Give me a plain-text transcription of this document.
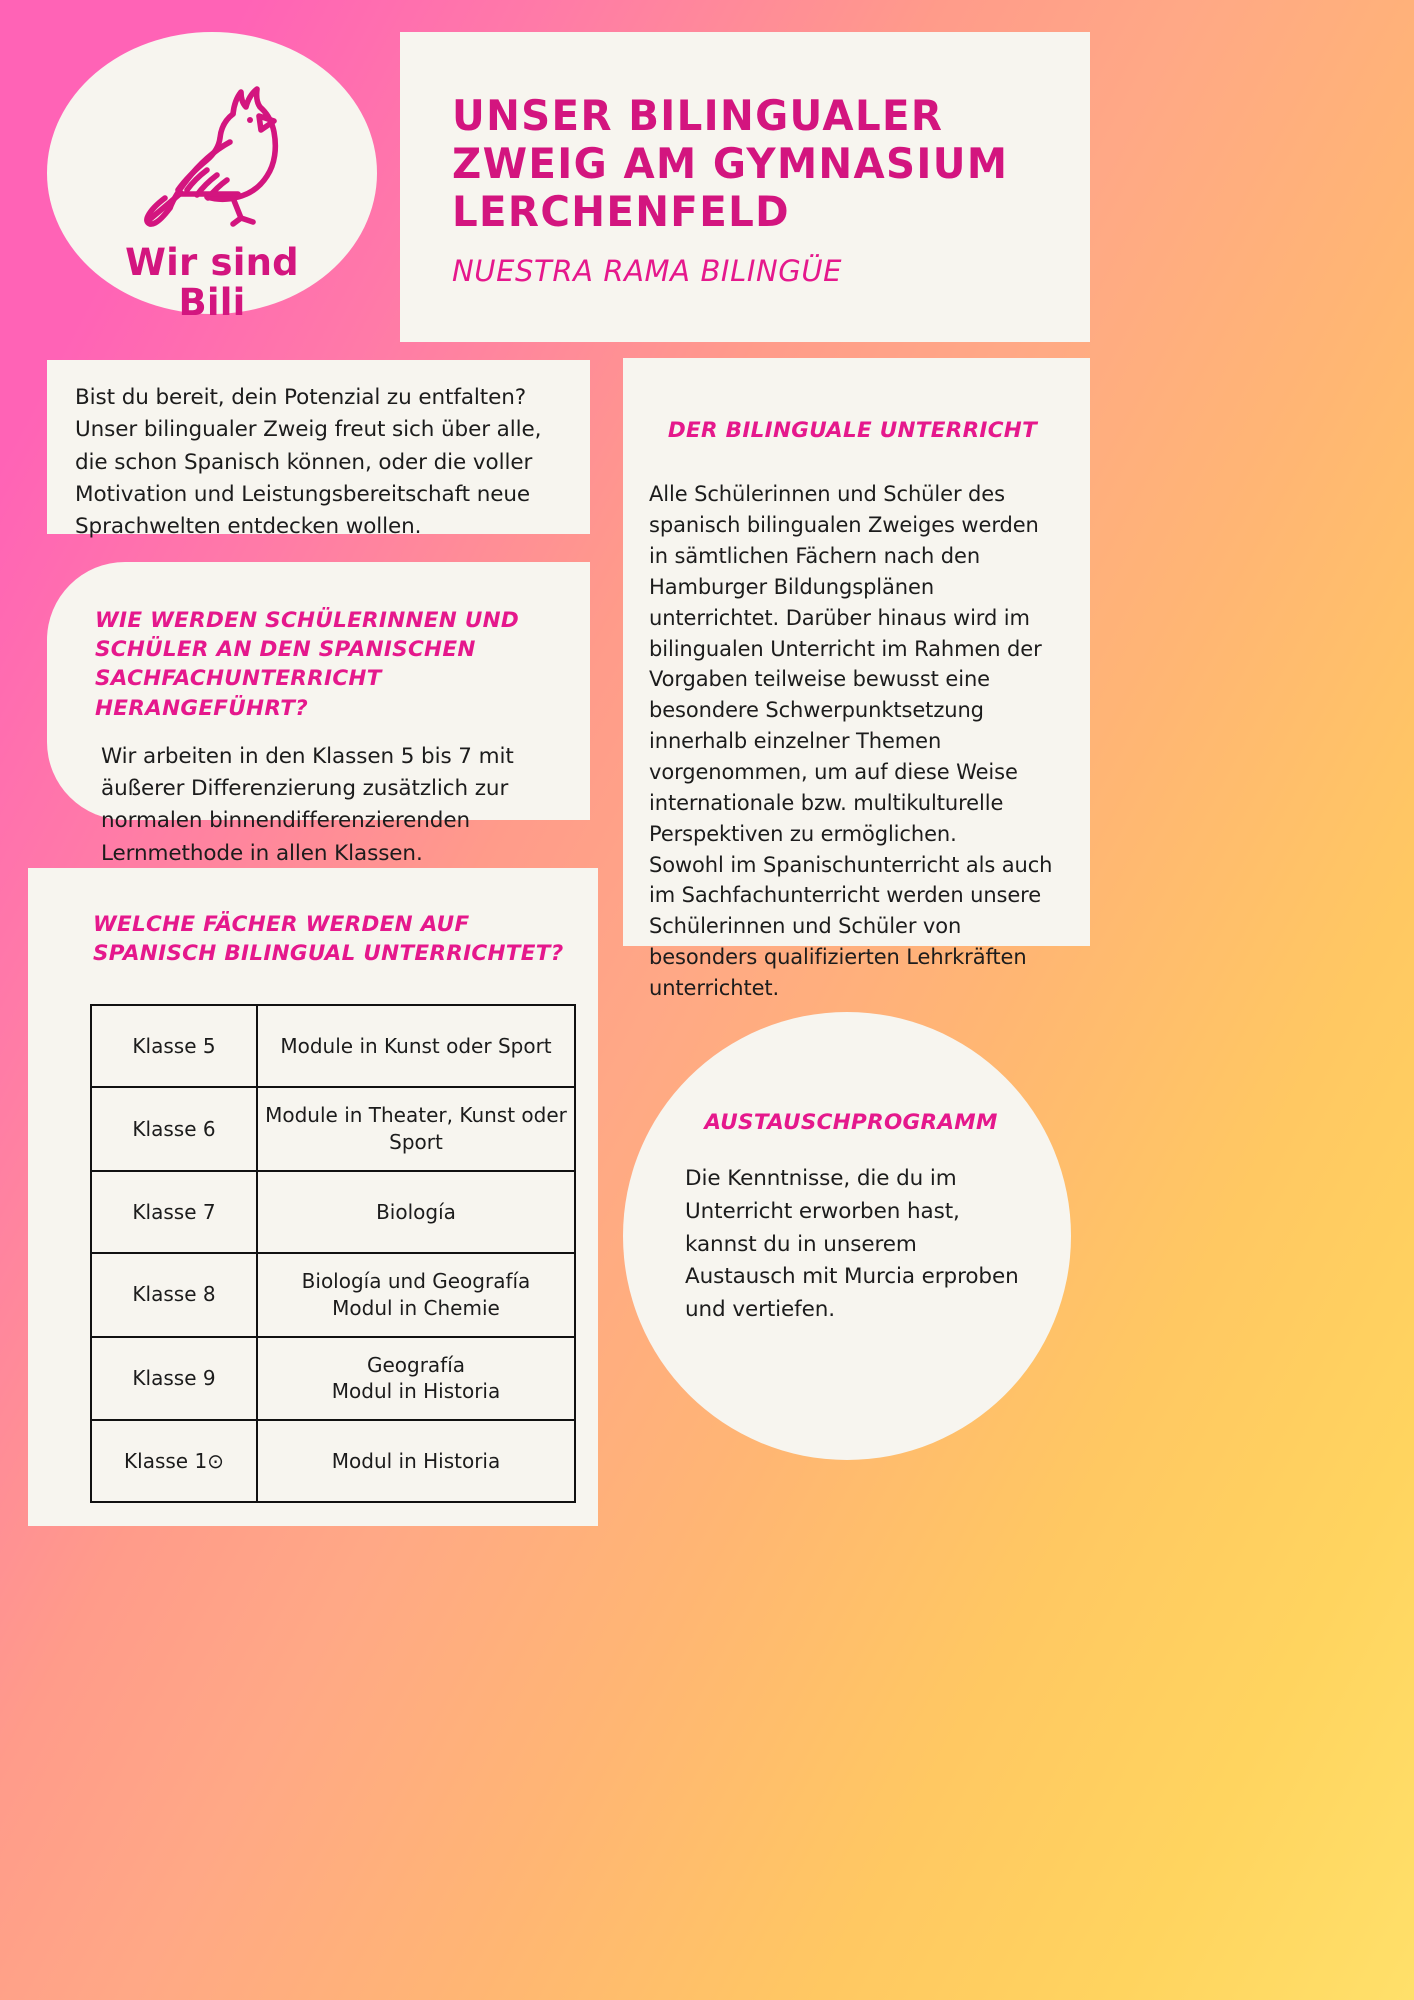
Wir sind
Bili
UNSER BILINGUALER ZWEIG AM GYMNASIUM LERCHENFELD
NUESTRA RAMA BILINGÜE

Bist du bereit, dein Potenzial zu entfalten? Unser bilingualer Zweig freut sich über alle, die schon Spanisch können, oder die voller Motivation und Leistungsbereitschaft neue Sprachwelten entdecken wollen.

WIE WERDEN SCHÜLERINNEN UND SCHÜLER AN DEN SPANISCHEN SACHFACHUNTERRICHT HERANGEFÜHRT?

Wir arbeiten in den Klassen 5 bis 7 mit äußerer Differenzierung zusätzlich zur normalen binnendifferenzierenden Lernmethode in allen Klassen.

DER BILINGUALE UNTERRICHT

Alle Schülerinnen und Schüler des spanisch bilingualen Zweiges werden in sämtlichen Fächern nach den Hamburger Bildungsplänen unterrichtet. Darüber hinaus wird im bilingualen Unterricht im Rahmen der Vorgaben teilweise bewusst eine besondere Schwerpunktsetzung innerhalb einzelner Themen vorgenommen, um auf diese Weise internationale bzw. multikulturelle Perspektiven zu ermöglichen.

Sowohl im Spanischunterricht als auch im Sachfachunterricht werden unsere Schülerinnen und Schüler von besonders qualifizierten Lehrkräften unterrichtet.

WELCHE FÄCHER WERDEN AUF SPANISCH BILINGUAL UNTERRICHTET?
Klasse 5	Module in Kunst oder Sport
Klasse 6	Module in Theater, Kunst oder Sport
Klasse 7	Biología
Klasse 8	Biología und Geografía
Modul in Chemie
Klasse 9	Geografía
Modul in Historia
Klasse 1⊙	Modul in Historia
AUSTAUSCHPROGRAMM

Die Kenntnisse, die du im Unterricht erworben hast, kannst du in unserem Austausch mit Murcia erproben und vertiefen.
